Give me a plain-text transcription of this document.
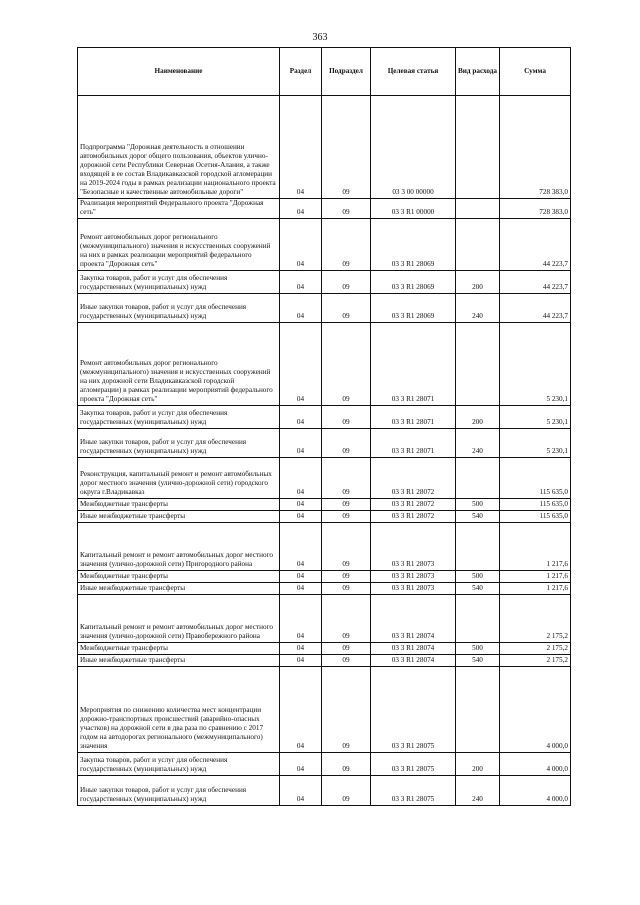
363
Наименование	Раздел	Подраздел	Целевая статья	Вид расхода	Сумма
Подпрограмма "Дорожная деятельность в отношении автомобильных дорог общего пользования, объектов улично-дорожной сети Республики Северная Осетия-Алания, а также входящей в ее состав Владикавказской городской агломерации на 2019-2024 годы в рамках реализации национального проекта "Безопасные и качественные автомобильные дороги"	04	09	03 3 00 00000		728 383,0
Реализация мероприятий Федерального проекта "Дорожная сеть"	04	09	03 3 R1 00000		728 383,0
Ремонт автомобильных дорог регионального (межмуниципального) значения и искусственных сооружений на них в рамках реализации мероприятий федерального проекта "Дорожная сеть"	04	09	03 3 R1 28069		44 223,7
Закупка товаров, работ и услуг для обеспечения государственных (муниципальных) нужд	04	09	03 3 R1 28069	200	44 223,7
Иные закупки товаров, работ и услуг для обеспечения государственных (муниципальных) нужд	04	09	03 3 R1 28069	240	44 223,7
Ремонт автомобильных дорог регионального (межмуниципального) значения и искусственных сооружений на них дорожной сети Владикавказской городской агломерации) в рамках реализации мероприятий федерального проекта "Дорожная сеть"	04	09	03 3 R1 28071		5 230,1
Закупка товаров, работ и услуг для обеспечения государственных (муниципальных) нужд	04	09	03 3 R1 28071	200	5 230,1
Иные закупки товаров, работ и услуг для обеспечения государственных (муниципальных) нужд	04	09	03 3 R1 28071	240	5 230,1
Реконструкция, капитальный ремонт и ремонт автомобильных дорог местного значения (улично-дорожной сети) городского округа г.Владикавказ	04	09	03 3 R1 28072		115 635,0
Межбюджетные трансферты	04	09	03 3 R1 28072	500	115 635,0
Иные межбюджетные трансферты	04	09	03 3 R1 28072	540	115 635,0
Капитальный ремонт и ремонт автомобильных дорог местного значения (улично-дорожной сети) Пригородного района	04	09	03 3 R1 28073		1 217,6
Межбюджетные трансферты	04	09	03 3 R1 28073	500	1 217,6
Иные межбюджетные трансферты	04	09	03 3 R1 28073	540	1 217,6
Капитальный ремонт и ремонт автомобильных дорог местного значения (улично-дорожной сети) Правобережного района	04	09	03 3 R1 28074		2 175,2
Межбюджетные трансферты	04	09	03 3 R1 28074	500	2 175,2
Иные межбюджетные трансферты	04	09	03 3 R1 28074	540	2 175,2
Мероприятия по снижению количества мест концентрации дорожно-транспортных происшествий (аварийно-опасных участков) на дорожной сети в два раза по сравнению с 2017 годом на автодорогах регионального (межмуниципального) значения	04	09	03 3 R1 28075		4 000,0
Закупка товаров, работ и услуг для обеспечения государственных (муниципальных) нужд	04	09	03 3 R1 28075	200	4 000,0
Иные закупки товаров, работ и услуг для обеспечения государственных (муниципальных) нужд	04	09	03 3 R1 28075	240	4 000,0
